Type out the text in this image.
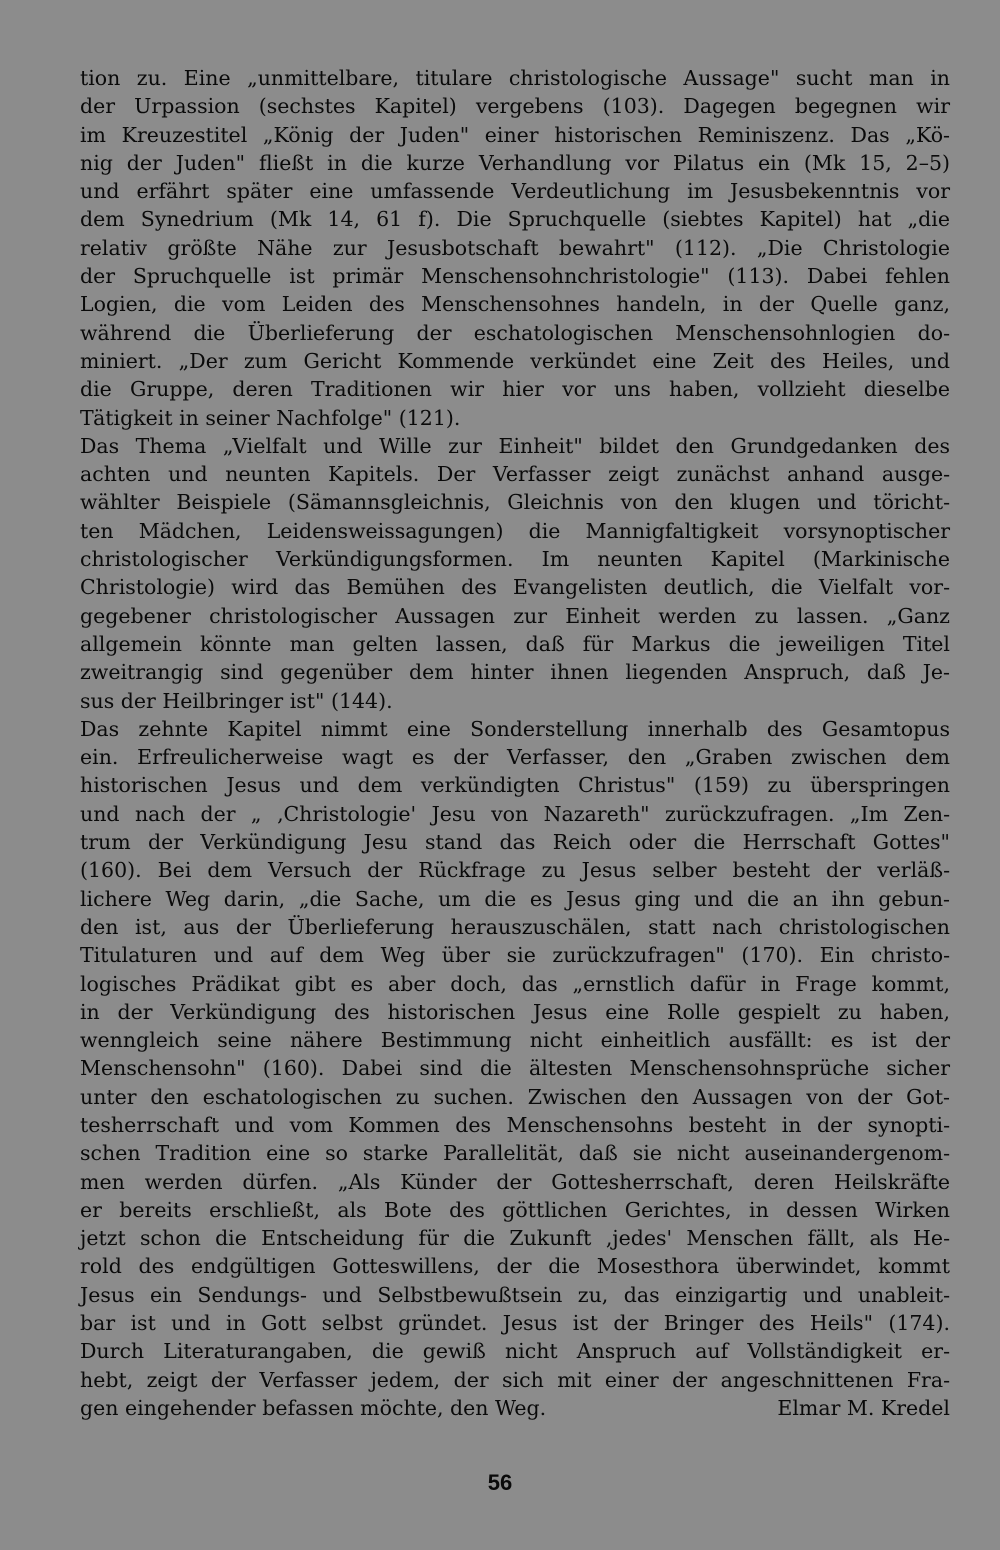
tion zu. Eine „unmittelbare, titulare christologische Aussage" sucht man in
der Urpassion (sechstes Kapitel) vergebens (103). Dagegen begegnen wir
im Kreuzestitel „König der Juden" einer historischen Reminiszenz. Das „Kö-
nig der Juden" fließt in die kurze Verhandlung vor Pilatus ein (Mk 15, 2–5)
und erfährt später eine umfassende Verdeutlichung im Jesusbekenntnis vor
dem Synedrium (Mk 14, 61 f). Die Spruchquelle (siebtes Kapitel) hat „die
relativ größte Nähe zur Jesusbotschaft bewahrt" (112). „Die Christologie
der Spruchquelle ist primär Menschensohnchristologie" (113). Dabei fehlen
Logien, die vom Leiden des Menschensohnes handeln, in der Quelle ganz,
während die Überlieferung der eschatologischen Menschensohnlogien do-
miniert. „Der zum Gericht Kommende verkündet eine Zeit des Heiles, und
die Gruppe, deren Traditionen wir hier vor uns haben, vollzieht dieselbe
Tätigkeit in seiner Nachfolge" (121).
Das Thema „Vielfalt und Wille zur Einheit" bildet den Grundgedanken des
achten und neunten Kapitels. Der Verfasser zeigt zunächst anhand ausge-
wählter Beispiele (Sämannsgleichnis, Gleichnis von den klugen und töricht-
ten Mädchen, Leidensweissagungen) die Mannigfaltigkeit vorsynoptischer
christologischer Verkündigungsformen. Im neunten Kapitel (Markinische
Christologie) wird das Bemühen des Evangelisten deutlich, die Vielfalt vor-
gegebener christologischer Aussagen zur Einheit werden zu lassen. „Ganz
allgemein könnte man gelten lassen, daß für Markus die jeweiligen Titel
zweitrangig sind gegenüber dem hinter ihnen liegenden Anspruch, daß Je-
sus der Heilbringer ist" (144).
Das zehnte Kapitel nimmt eine Sonderstellung innerhalb des Gesamtopus
ein. Erfreulicherweise wagt es der Verfasser, den „Graben zwischen dem
historischen Jesus und dem verkündigten Christus" (159) zu überspringen
und nach der „ ‚Christologie' Jesu von Nazareth" zurückzufragen. „Im Zen-
trum der Verkündigung Jesu stand das Reich oder die Herrschaft Gottes"
(160). Bei dem Versuch der Rückfrage zu Jesus selber besteht der verläß-
lichere Weg darin, „die Sache, um die es Jesus ging und die an ihn gebun-
den ist, aus der Überlieferung herauszuschälen, statt nach christologischen
Titulaturen und auf dem Weg über sie zurückzufragen" (170). Ein christo-
logisches Prädikat gibt es aber doch, das „ernstlich dafür in Frage kommt,
in der Verkündigung des historischen Jesus eine Rolle gespielt zu haben,
wenngleich seine nähere Bestimmung nicht einheitlich ausfällt: es ist der
Menschensohn" (160). Dabei sind die ältesten Menschensohnsprüche sicher
unter den eschatologischen zu suchen. Zwischen den Aussagen von der Got-
tesherrschaft und vom Kommen des Menschensohns besteht in der synopti-
schen Tradition eine so starke Parallelität, daß sie nicht auseinandergenom-
men werden dürfen. „Als Künder der Gottesherrschaft, deren Heilskräfte
er bereits erschließt, als Bote des göttlichen Gerichtes, in dessen Wirken
jetzt schon die Entscheidung für die Zukunft ‚jedes' Menschen fällt, als He-
rold des endgültigen Gotteswillens, der die Mosesthora überwindet, kommt
Jesus ein Sendungs- und Selbstbewußtsein zu, das einzigartig und unableit-
bar ist und in Gott selbst gründet. Jesus ist der Bringer des Heils" (174).
Durch Literaturangaben, die gewiß nicht Anspruch auf Vollständigkeit er-
hebt, zeigt der Verfasser jedem, der sich mit einer der angeschnittenen Fra-
gen eingehender befassen möchte, den Weg.	Elmar M. Kredel
56
